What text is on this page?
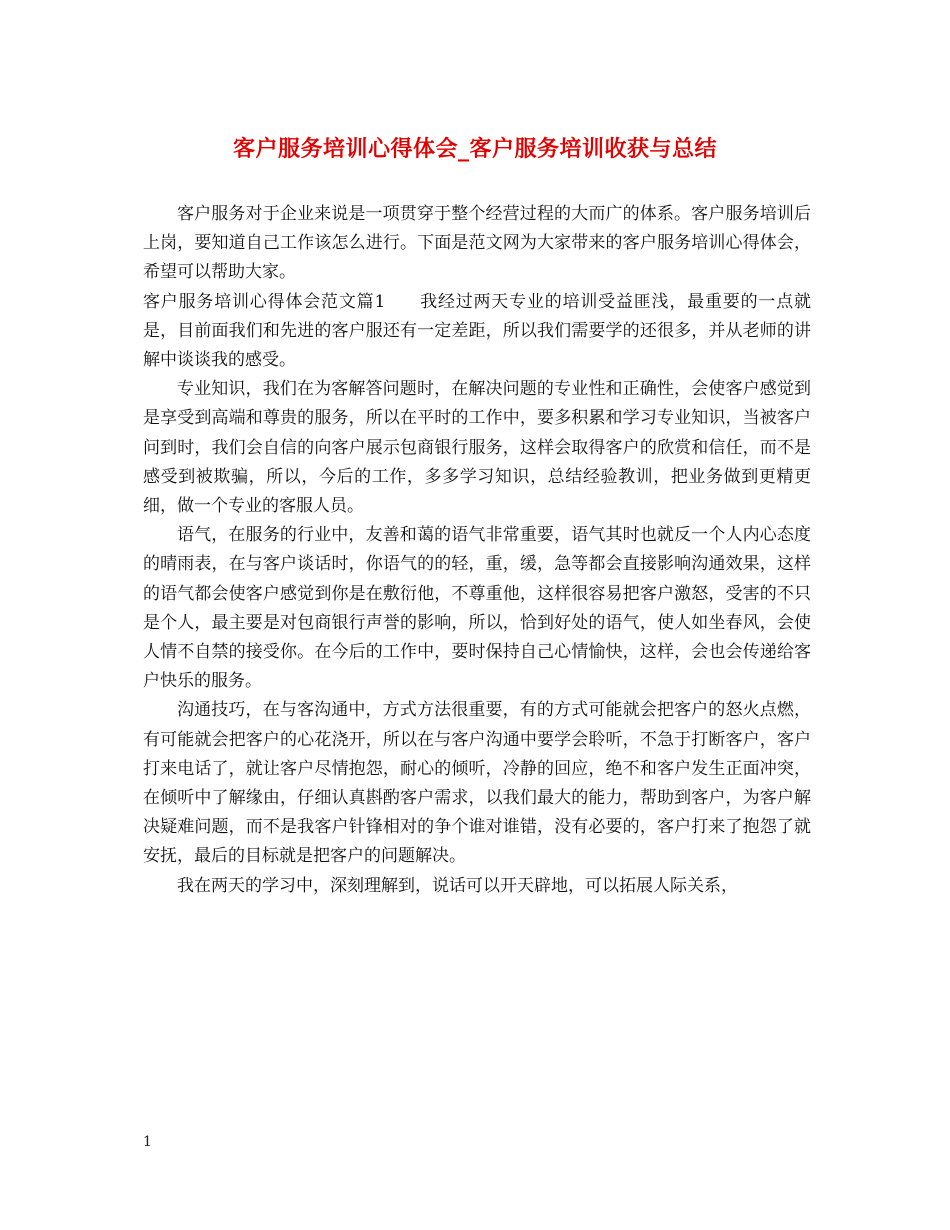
客户服务培训心得体会_客户服务培训收获与总结

客户服务对于企业来说是一项贯穿于整个经营过程的大而广的体系。客户服务培训后上岗，要知道自己工作该怎么进行。下面是范文网为大家带来的客户服务培训心得体会，希望可以帮助大家。

客户服务培训心得体会范文篇1 我经过两天专业的培训受益匪浅，最重要的一点就是，目前面我们和先进的客户服还有一定差距，所以我们需要学的还很多，并从老师的讲解中谈谈我的感受。

专业知识，我们在为客解答问题时，在解决问题的专业性和正确性，会使客户感觉到是享受到高端和尊贵的服务，所以在平时的工作中，要多积累和学习专业知识，当被客户问到时，我们会自信的向客户展示包商银行服务，这样会取得客户的欣赏和信任，而不是感受到被欺骗，所以，今后的工作，多多学习知识，总结经验教训，把业务做到更精更细，做一个专业的客服人员。

语气，在服务的行业中，友善和蔼的语气非常重要，语气其时也就反一个人内心态度的晴雨表，在与客户谈话时，你语气的的轻，重，缓，急等都会直接影响沟通效果，这样的语气都会使客户感觉到你是在敷衍他，不尊重他，这样很容易把客户激怒，受害的不只是个人，最主要是对包商银行声誉的影响，所以，恰到好处的语气，使人如坐春风，会使人情不自禁的接受你。在今后的工作中，要时保持自己心情愉快，这样，会也会传递给客户快乐的服务。

沟通技巧，在与客沟通中，方式方法很重要，有的方式可能就会把客户的怒火点燃，有可能就会把客户的心花浇开，所以在与客户沟通中要学会聆听，不急于打断客户，客户打来电话了，就让客户尽情抱怨，耐心的倾听，冷静的回应，绝不和客户发生正面冲突，在倾听中了解缘由，仔细认真斟酌客户需求，以我们最大的能力，帮助到客户，为客户解决疑难问题，而不是我客户针锋相对的争个谁对谁错，没有必要的，客户打来了抱怨了就安抚，最后的目标就是把客户的问题解决。

我在两天的学习中，深刻理解到，说话可以开天辟地，可以拓展人际关系，

1
